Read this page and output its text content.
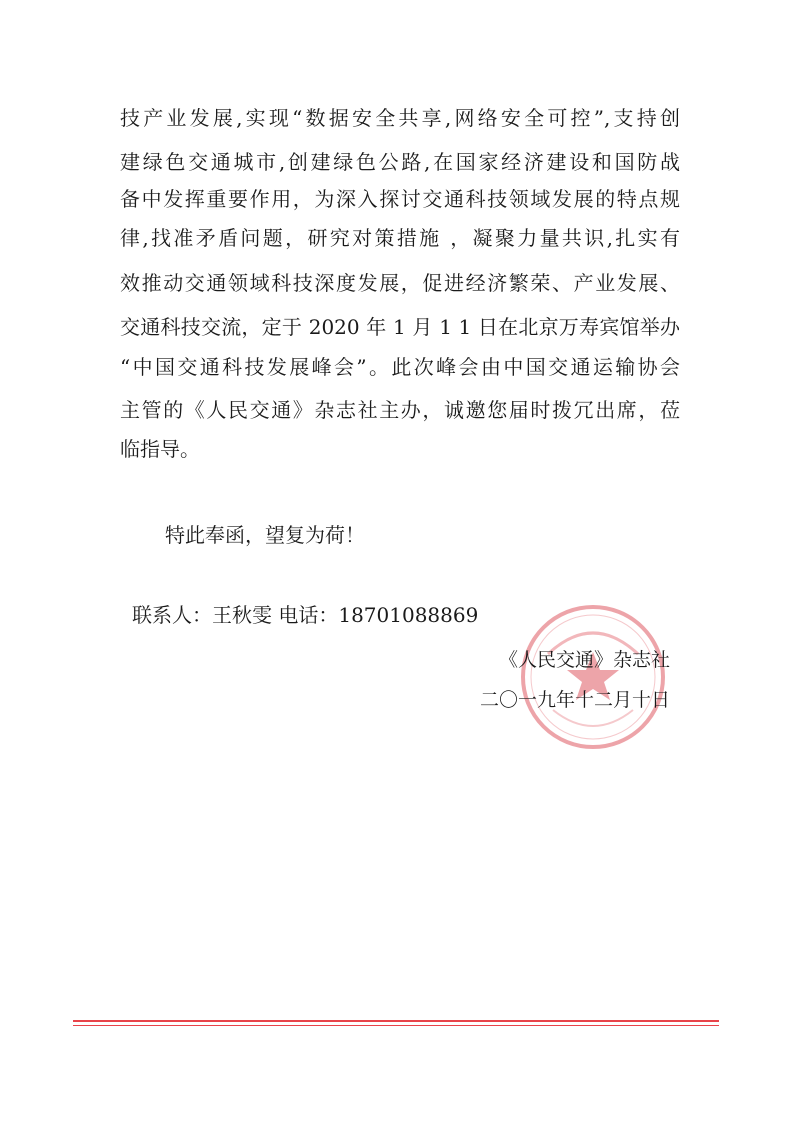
技产业发展,实现“数据安全共享,网络安全可控”,支持创
建绿色交通城市,创建绿色公路,在国家经济建设和国防战
备中发挥重要作用，为深入探讨交通科技领域发展的特点规
律,找准矛盾问题，研究对策措施 ，凝聚力量共识,扎实有
效推动交通领域科技深度发展，促进经济繁荣、产业发展、
交通科技交流，定于 2020 年 1 月 1 1 日在北京万寿宾馆举办
“中国交通科技发展峰会”。此次峰会由中国交通运输协会
主管的《人民交通》杂志社主办，诚邀您届时拨冗出席，莅
临指导。
特此奉函，望复为荷！
联系人：王秋雯 电话：18701088869
《人民交通》杂志社
二〇一九年十二月十日
